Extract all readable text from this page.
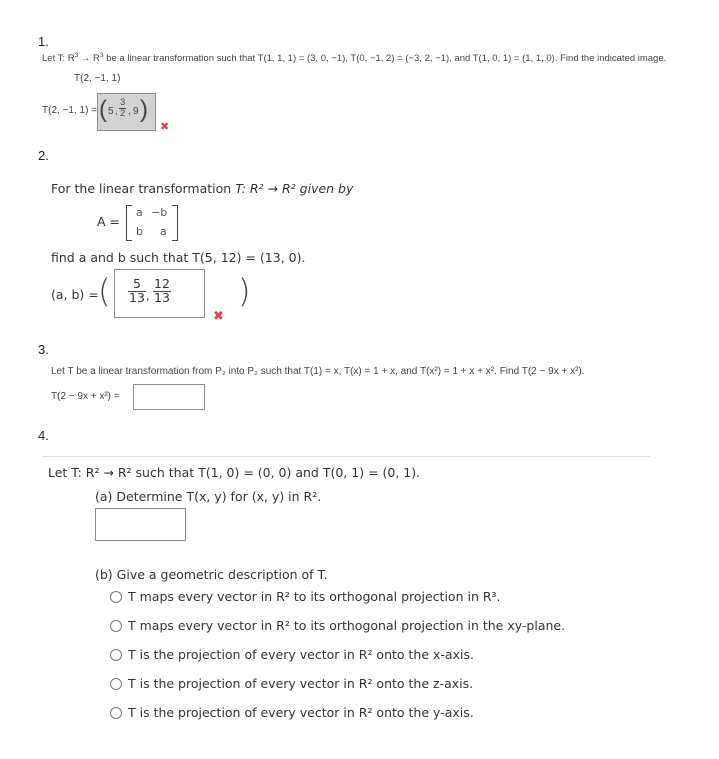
1.
Let T: $R^3 \to R^3$ be a linear transformation such that T(1, 1, 1) = (3, 0, −1), T(0, −1, 2) = (−3, 2, −1), and T(1, 0, 1) = (1, 1, 0). Find the indicated image.
T(2, −1, 1)
T(2, −1, 1) = ( 5 , $\frac{3}{2}$ , 9 )
✖
2.
For the linear transformation T: R² → R² given by
A =
a −b
b a
find a and b such that T(5, 12) = (13, 0).
(a, b) = ( $\frac{5}{13}$ , $\frac{12}{13}$ )
✖
3.
Let T be a linear transformation from P₂ into P₂ such that T(1) = x, T(x) = 1 + x, and T(x²) = 1 + x + x². Find T(2 − 9x + x²).
T(2 − 9x + x²) =
4.
Let T: R² → R² such that T(1, 0) = (0, 0) and T(0, 1) = (0, 1).
(a) Determine T(x, y) for (x, y) in R².
(b) Give a geometric description of T.
T maps every vector in R² to its orthogonal projection in R³.
T maps every vector in R² to its orthogonal projection in the xy-plane.
T is the projection of every vector in R² onto the x-axis.
T is the projection of every vector in R² onto the z-axis.
T is the projection of every vector in R² onto the y-axis.
